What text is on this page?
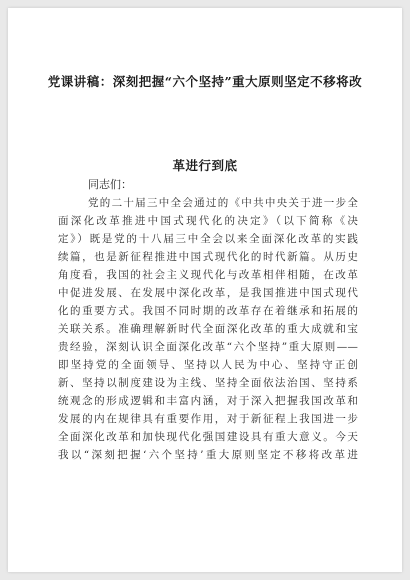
党课讲稿：深刻把握“六个坚持”重大原则坚定不移将改
革进行到底
同志们：
党的二十届三中全会通过的《中共中央关于进一步全
面深化改革推进中国式现代化的决定》（以下简称《决
定》）既是党的十八届三中全会以来全面深化改革的实践
续篇，也是新征程推进中国式现代化的时代新篇。从历史
角度看，我国的社会主义现代化与改革相伴相随，在改革
中促进发展、在发展中深化改革，是我国推进中国式现代
化的重要方式。我国不同时期的改革存在着继承和拓展的
关联关系。准确理解新时代全面深化改革的重大成就和宝
贵经验，深刻认识全面深化改革“六个坚持”重大原则——
即坚持党的全面领导、坚持以人民为中心、坚持守正创
新、坚持以制度建设为主线、坚持全面依法治国、坚持系
统观念的形成逻辑和丰富内涵，对于深入把握我国改革和
发展的内在规律具有重要作用，对于新征程上我国进一步
全面深化改革和加快现代化强国建设具有重大意义。今天
我以“深刻把握‘六个坚持’重大原则坚定不移将改革进
